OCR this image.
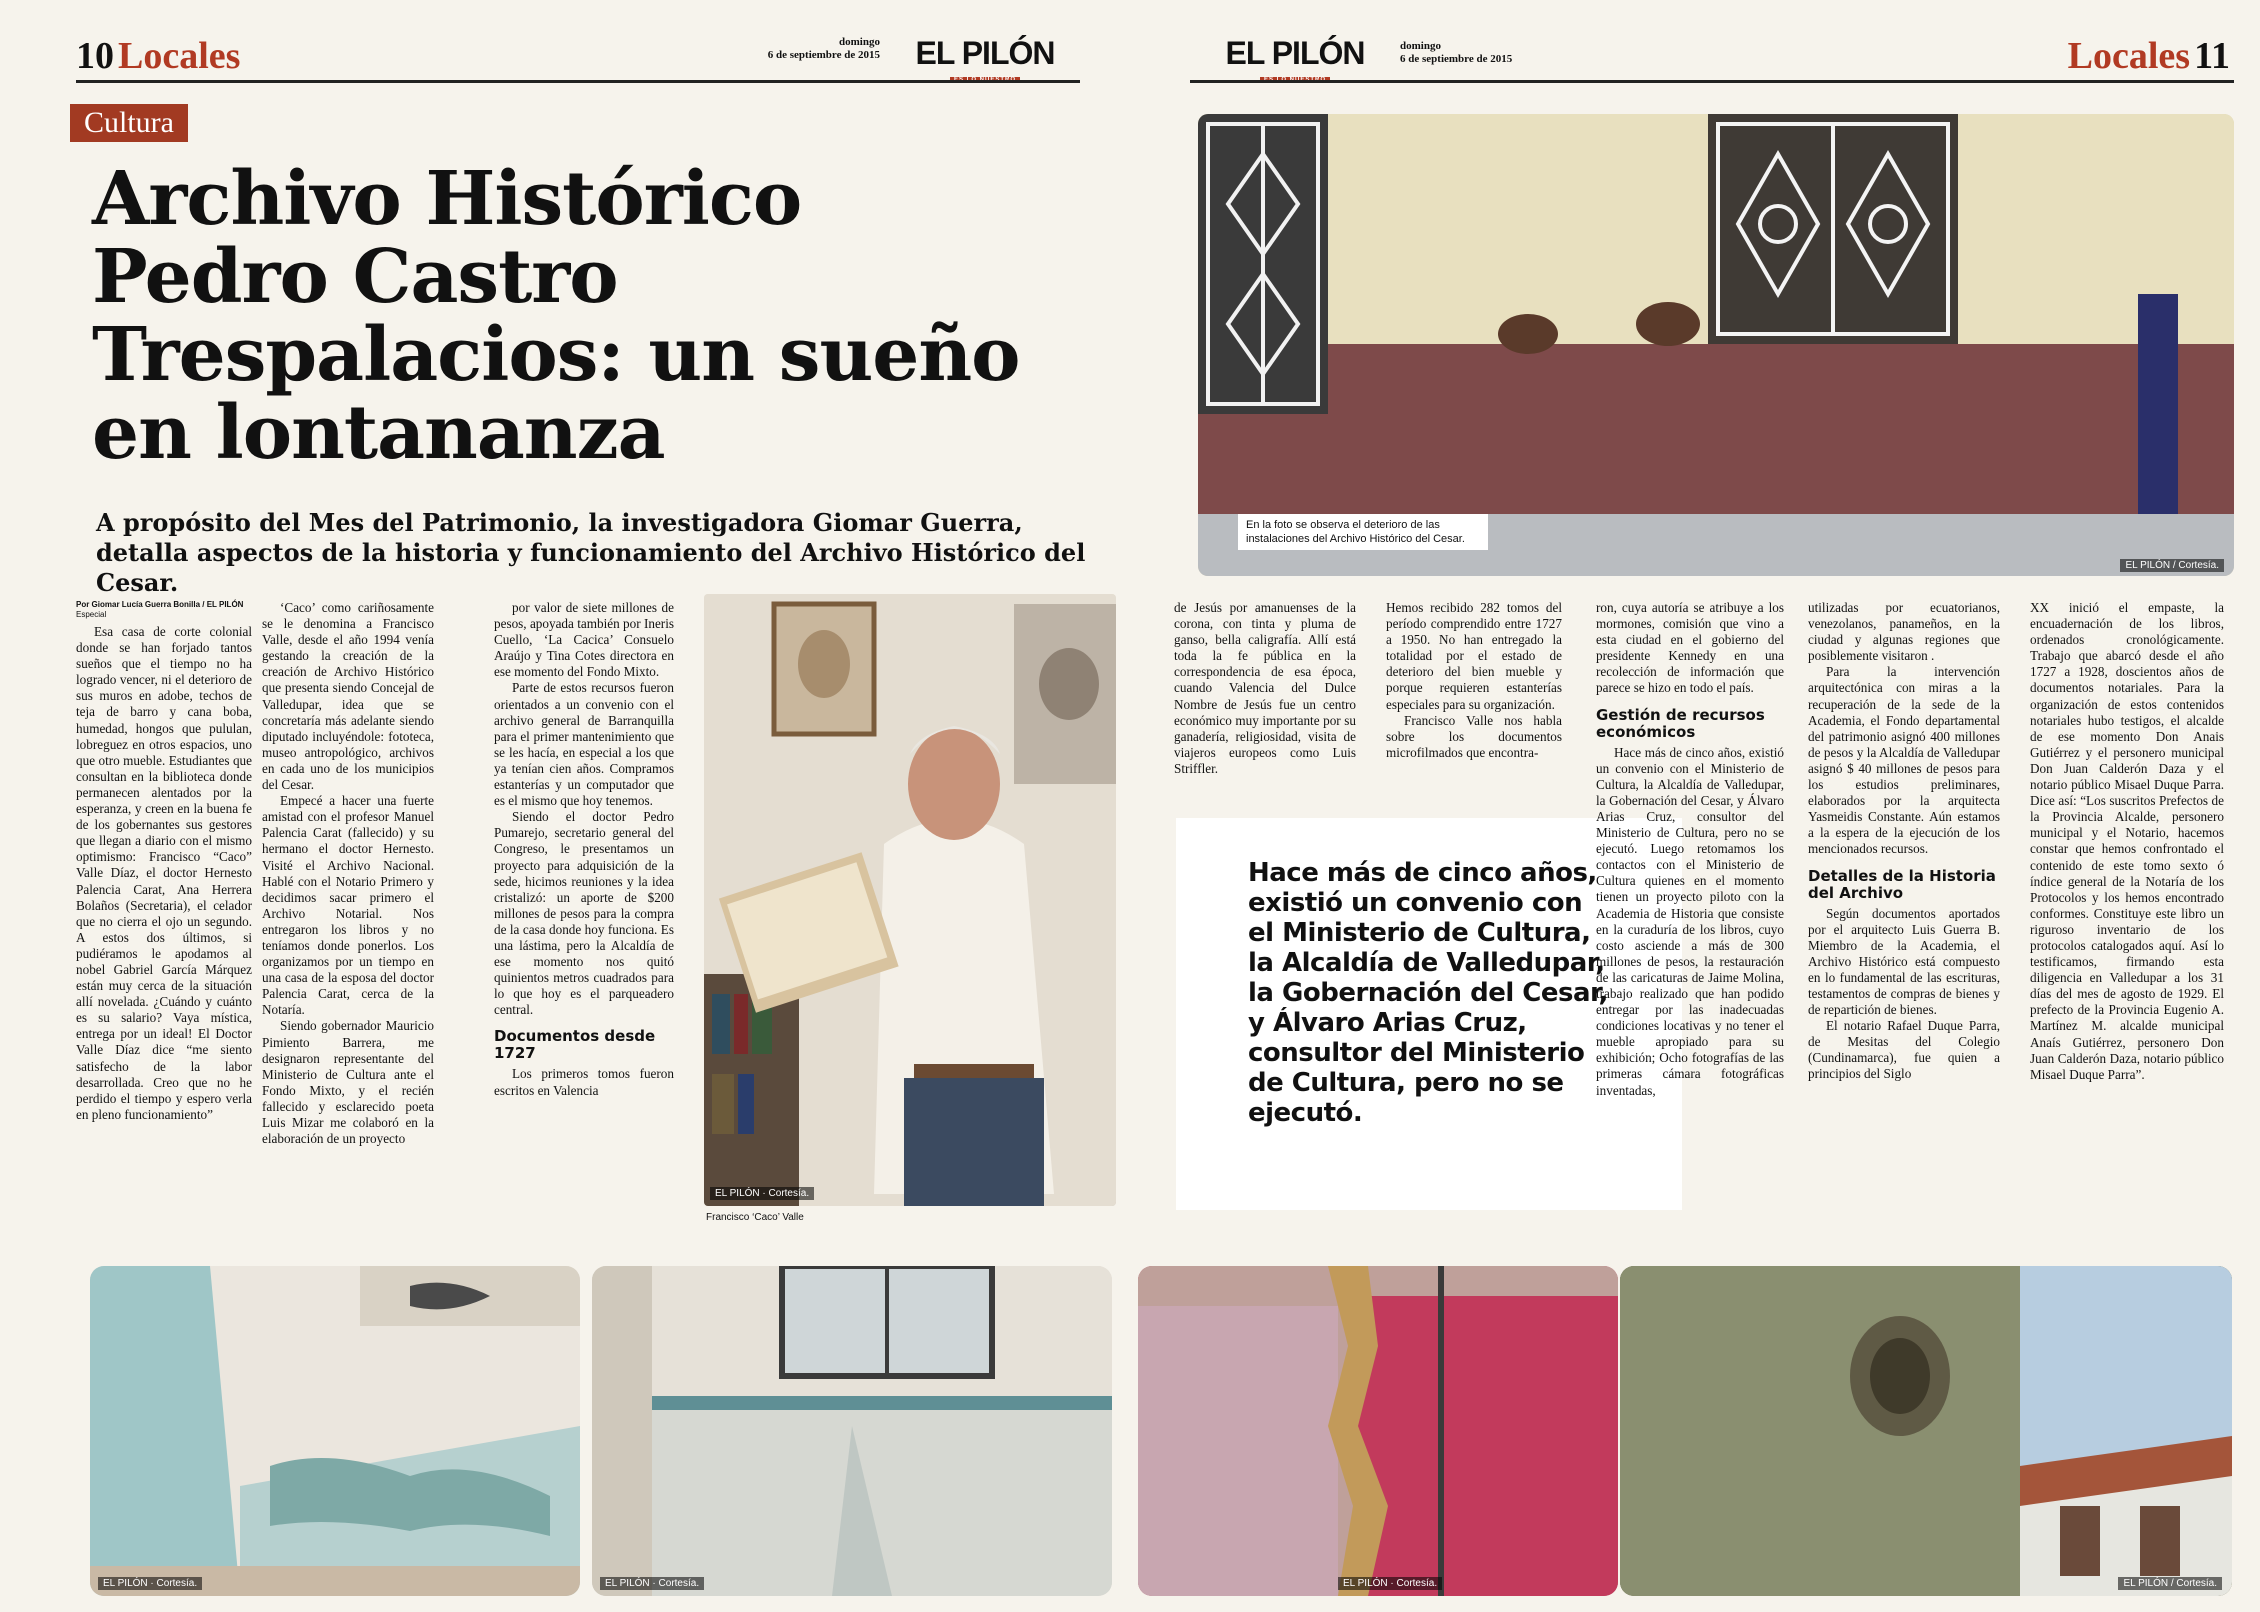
10 Locales	domingo
6 de septiembre de 2015	EL PILÓN
Cultura
Archivo Histórico
Pedro Castro
Trespalacios: un sueño
en lontananza
A propósito del Mes del Patrimonio, la investigadora Giomar Guerra, detalla aspectos de la historia y funcionamiento del Archivo Histórico del Cesar.
Por Giomar Lucía Guerra Bonilla / EL PILÓN
Especial

Esa casa de corte colonial donde se han forjado tantos sueños que el tiempo no ha logrado vencer, ni el deterioro de sus muros en adobe, techos de teja de barro y cana boba, humedad, hongos que pululan, lobreguez en otros espacios, uno que otro mueble. Estudiantes que consultan en la biblioteca donde permanecen alentados por la esperanza, y creen en la buena fe de los gobernantes sus gestores que llegan a diario con el mismo optimismo: Francisco “Caco” Valle Díaz, el doctor Hernesto Palencia Carat, Ana Herrera Bolaños (Secretaria), el celador que no cierra el ojo un segundo. A estos dos últimos, si pudiéramos le apodamos al nobel Gabriel García Márquez están muy cerca de la situación allí novelada. ¿Cuándo y cuánto es su salario? Vaya mística, entrega por un ideal! El Doctor Valle Díaz dice “me siento satisfecho de la labor desarrollada. Creo que no he perdido el tiempo y espero verla en pleno funcionamiento”

‘Caco’ como cariñosamente se le denomina a Francisco Valle, desde el año 1994 venía gestando la creación de la creación de Archivo Histórico que presenta siendo Concejal de Valledupar, idea que se concretaría más adelante siendo diputado incluyéndole: fototeca, museo antropológico, archivos en cada uno de los municipios del Cesar.

Empecé a hacer una fuerte amistad con el profesor Manuel Palencia Carat (fallecido) y su hermano el doctor Hernesto. Visité el Archivo Nacional. Hablé con el Notario Primero y decidimos sacar primero el Archivo Notarial. Nos entregaron los libros y no teníamos donde ponerlos. Los organizamos por un tiempo en una casa de la esposa del doctor Palencia Carat, cerca de la Notaría.

Siendo gobernador Mauricio Pimiento Barrera, me designaron representante del Ministerio de Cultura ante el Fondo Mixto, y el recién fallecido y esclarecido poeta Luis Mizar me colaboró en la elaboración de un proyecto

por valor de siete millones de pesos, apoyada también por Ineris Cuello, ‘La Cacica’ Consuelo Araújo y Tina Cotes directora en ese momento del Fondo Mixto.

Parte de estos recursos fueron orientados a un convenio con el archivo general de Barranquilla para el primer mantenimiento que se les hacía, en especial a los que ya tenían cien años. Compramos estanterías y un computador que es el mismo que hoy tenemos.

Siendo el doctor Pedro Pumarejo, secretario general del Congreso, le presentamos un proyecto para adquisición de la sede, hicimos reuniones y la idea cristalizó: un aporte de $200 millones de pesos para la compra de la casa donde hoy funciona. Es una lástima, pero la Alcaldía de ese momento nos quitó quinientos metros cuadrados para lo que hoy es el parqueadero central.

Documentos desde 1727

Los primeros tomos fueron escritos en Valencia

EL PILÓN · Cortesía.
Francisco ‘Caco’ Valle
EL PILÓN · Cortesía.	EL PILÓN · Cortesía.
EL PILÓN	domingo
6 de septiembre de 2015	Locales 11
En la foto se observa el deterioro de las instalaciones del Archivo Histórico del Cesar.
EL PILÓN / Cortesía.

de Jesús por amanuenses de la corona, con tinta y pluma de ganso, bella caligrafía. Allí está toda la fe pública en la correspondencia de esa época, cuando Valencia del Dulce Nombre de Jesús fue un centro económico muy importante por su ganadería, religiosidad, visita de viajeros europeos como Luis Striffler.

Hemos recibido 282 tomos del período comprendido entre 1727 a 1950. No han entregado la totalidad por el estado de deterioro del bien mueble y porque requieren estanterías especiales para su organización.

Francisco Valle nos habla sobre los documentos microfilmados que encontra-

Hace más de cinco años, existió un convenio con el Ministerio de Cultura, la Alcaldía de Valledupar, la Gobernación del Cesar, y Álvaro Arias Cruz, consultor del Ministerio de Cultura, pero no se ejecutó.

ron, cuya autoría se atribuye a los mormones, comisión que vino a esta ciudad en el gobierno del presidente Kennedy en una recolección de información que parece se hizo en todo el país.

Gestión de recursos económicos

Hace más de cinco años, existió un convenio con el Ministerio de Cultura, la Alcaldía de Valledupar, la Gobernación del Cesar, y Álvaro Arias Cruz, consultor del Ministerio de Cultura, pero no se ejecutó. Luego retomamos los contactos con el Ministerio de Cultura quienes en el momento tienen un proyecto piloto con la Academia de Historia que consiste en la curaduría de los libros, cuyo costo asciende a más de 300 millones de pesos, la restauración de las caricaturas de Jaime Molina, trabajo realizado que han podido entregar por las inadecuadas condiciones locativas y no tener el mueble apropiado para su exhibición; Ocho fotografías de las primeras cámara fotográficas inventadas,

utilizadas por ecuatorianos, venezolanos, panameños, en la ciudad y algunas regiones que posiblemente visitaron .

Para la intervención arquitectónica con miras a la recuperación de la sede de la Academia, el Fondo departamental del patrimonio asignó 400 millones de pesos y la Alcaldía de Valledupar asignó $ 40 millones de pesos para los estudios preliminares, elaborados por la arquitecta Yasmeidis Constante. Aún estamos a la espera de la ejecución de los mencionados recursos.

Detalles de la Historia del Archivo

Según documentos aportados por el arquitecto Luis Guerra B. Miembro de la Academia, el Archivo Histórico está compuesto en lo fundamental de las escrituras, testamentos de compras de bienes y de repartición de bienes.

El notario Rafael Duque Parra, de Mesitas del Colegio (Cundinamarca), fue quien a principios del Siglo

XX inició el empaste, la encuadernación de los libros, ordenados cronológicamente. Trabajo que abarcó desde el año 1727 a 1928, doscientos años de documentos notariales. Para la organización de estos contenidos notariales hubo testigos, el alcalde de ese momento Don Anais Gutiérrez y el personero municipal Don Juan Calderón Daza y el notario público Misael Duque Parra. Dice así: “Los suscritos Prefectos de la Provincia Alcalde, personero municipal y el Notario, hacemos constar que hemos confrontado el contenido de este tomo sexto ó índice general de la Notaría de los Protocolos y los hemos encontrado conformes. Constituye este libro un riguroso inventario de los protocolos catalogados aquí. Así lo testificamos, firmando esta diligencia en Valledupar a los 31 días del mes de agosto de 1929. El prefecto de la Provincia Eugenio A. Martínez M. alcalde municipal Anaís Gutiérrez, personero Don Juan Calderón Daza, notario público Misael Duque Parra”.

EL PILÓN · Cortesía.	EL PILÓN / Cortesía.
